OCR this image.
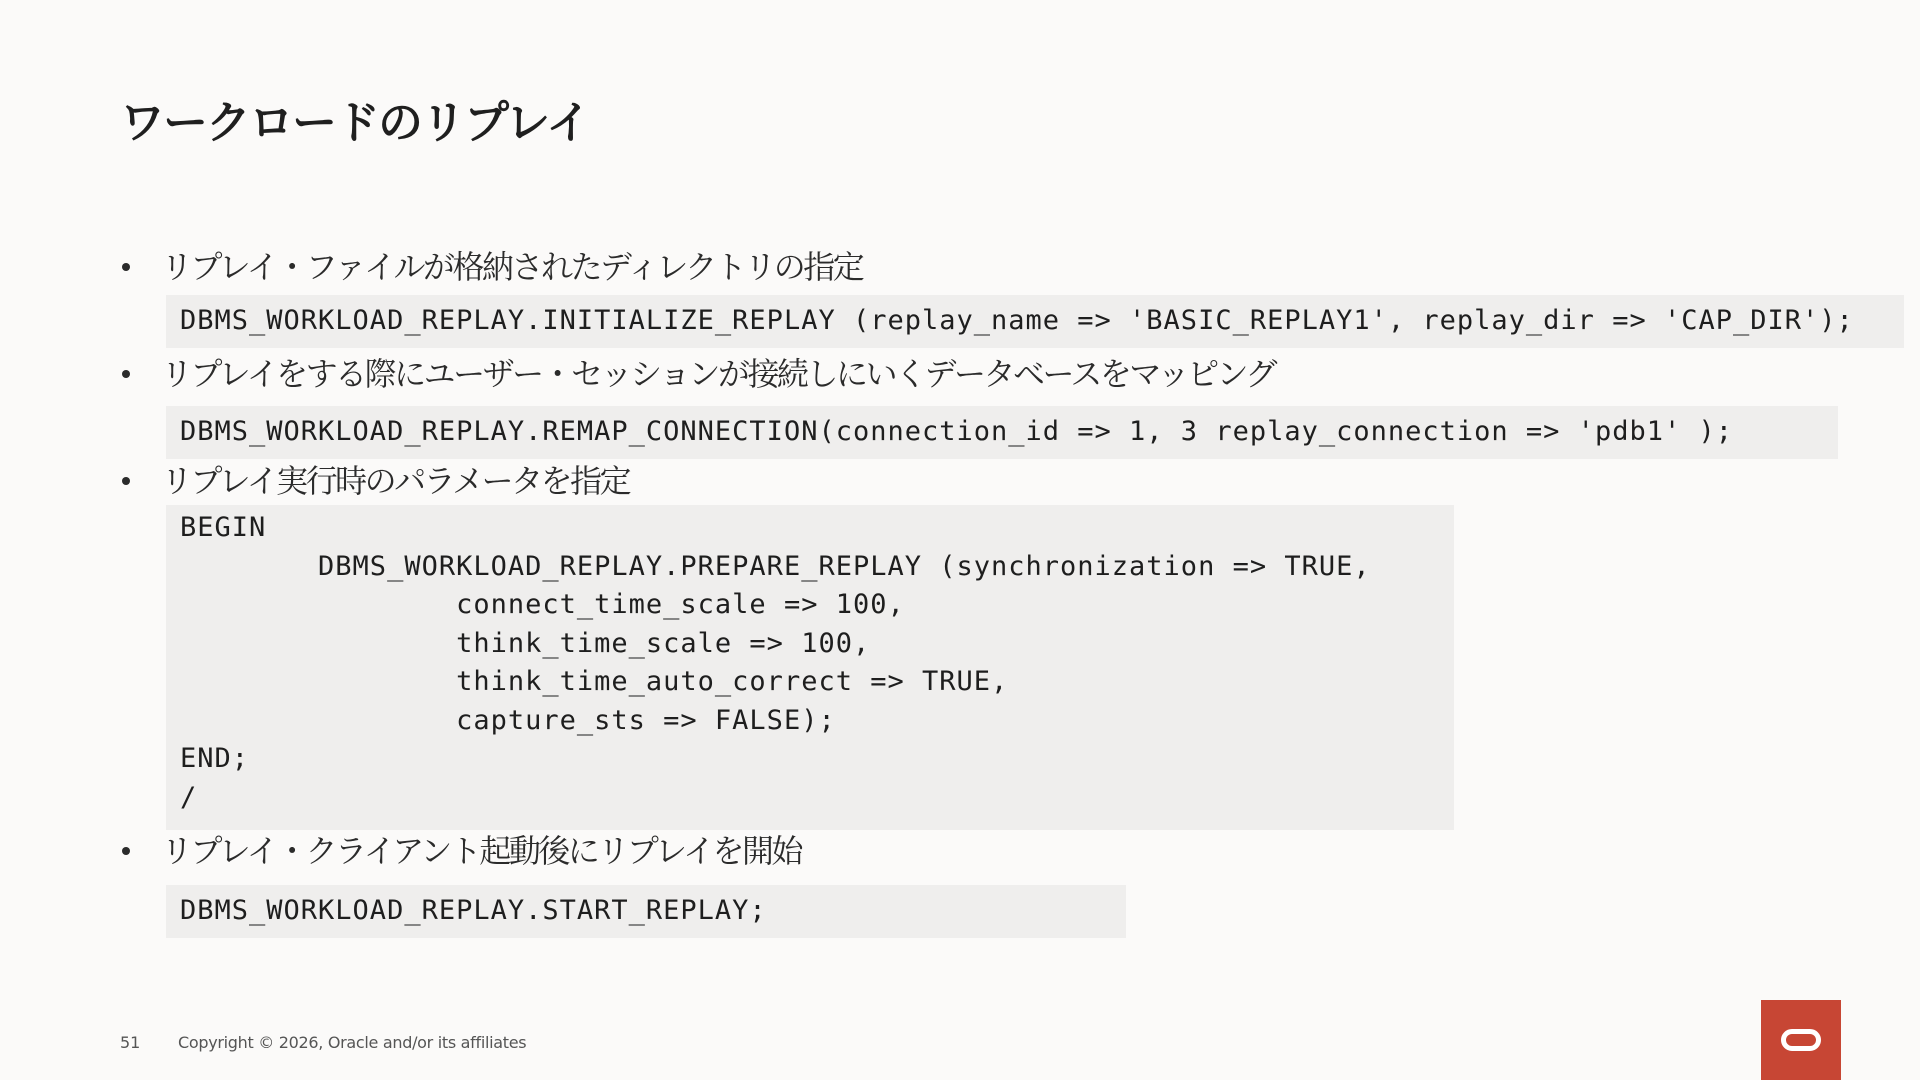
ワークロードのリプレイ
リプレイ・ファイルが格納されたディレクトリの指定
DBMS_WORKLOAD_REPLAY.INITIALIZE_REPLAY (replay_name => 'BASIC_REPLAY1', replay_dir => 'CAP_DIR');
リプレイをする際にユーザー・セッションが接続しにいくデータベースをマッピング
DBMS_WORKLOAD_REPLAY.REMAP_CONNECTION(connection_id => 1, 3 replay_connection => 'pdb1' );
リプレイ実行時のパラメータを指定
BEGIN
DBMS_WORKLOAD_REPLAY.PREPARE_REPLAY (synchronization => TRUE,
connect_time_scale => 100,
think_time_scale => 100,
think_time_auto_correct => TRUE,
capture_sts => FALSE);
END;
/
リプレイ・クライアント起動後にリプレイを開始
DBMS_WORKLOAD_REPLAY.START_REPLAY;
51 Copyright © 2026, Oracle and/or its affiliates
